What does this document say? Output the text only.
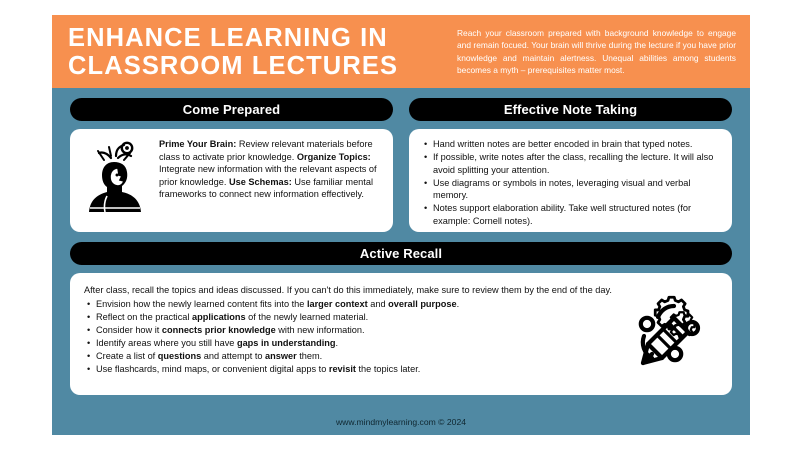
ENHANCE LEARNING IN
CLASSROOM LECTURES

Reach your classroom prepared with background knowledge to engage and remain focued. Your brain will thrive during the lecture if you have prior knowledge and maintain alertness. Unequal abilities among students becomes a myth – prerequisites matter most.

Come Prepared
Prime Your Brain: Review relevant materials before class to activate prior knowledge. Organize Topics: Integrate new information with the relevant aspects of prior knowledge. Use Schemas: Use familiar mental frameworks to connect new information effectively.
Effective Note Taking
• Hand written notes are better encoded in brain that typed notes.
• If possible, write notes after the class, recalling the lecture. It will also avoid splitting your attention.
• Use diagrams or symbols in notes, leveraging visual and verbal memory.
• Notes support elaboration ability. Take well structured notes (for example: Cornell notes).
Active Recall
After class, recall the topics and ideas discussed. If you can't do this immediately, make sure to review them by the end of the day.
• Envision how the newly learned content fits into the larger context and overall purpose.
• Reflect on the practical applications of the newly learned material.
• Consider how it connects prior knowledge with new information.
• Identify areas where you still have gaps in understanding.
• Create a list of questions and attempt to answer them.
• Use flashcards, mind maps, or convenient digital apps to revisit the topics later.
www.mindmylearning.com © 2024
